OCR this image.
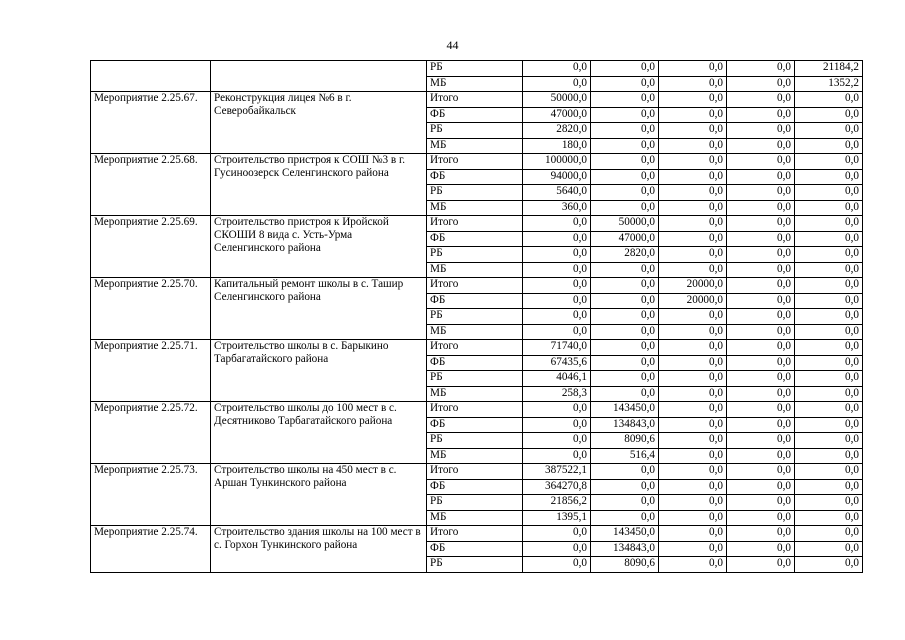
44
		РБ	0,0	0,0	0,0	0,0	21184,2
		МБ	0,0	0,0	0,0	0,0	1352,2
Мероприятие 2.25.67.	Реконструкция лицея №6 в г. Северобайкальск	Итого	50000,0	0,0	0,0	0,0	0,0
		ФБ	47000,0	0,0	0,0	0,0	0,0
		РБ	2820,0	0,0	0,0	0,0	0,0
		МБ	180,0	0,0	0,0	0,0	0,0
Мероприятие 2.25.68.	Строительство пристроя к СОШ №3 в г. Гусиноозерск Селенгинского района	Итого	100000,0	0,0	0,0	0,0	0,0
		ФБ	94000,0	0,0	0,0	0,0	0,0
		РБ	5640,0	0,0	0,0	0,0	0,0
		МБ	360,0	0,0	0,0	0,0	0,0
Мероприятие 2.25.69.	Строительство пристроя к Иройской СКОШИ 8 вида с. Усть-Урма Селенгинского района	Итого	0,0	50000,0	0,0	0,0	0,0
		ФБ	0,0	47000,0	0,0	0,0	0,0
		РБ	0,0	2820,0	0,0	0,0	0,0
		МБ	0,0	0,0	0,0	0,0	0,0
Мероприятие 2.25.70.	Капитальный ремонт школы в с. Ташир Селенгинского района	Итого	0,0	0,0	20000,0	0,0	0,0
		ФБ	0,0	0,0	20000,0	0,0	0,0
		РБ	0,0	0,0	0,0	0,0	0,0
		МБ	0,0	0,0	0,0	0,0	0,0
Мероприятие 2.25.71.	Строительство школы в с. Барыкино Тарбагатайского района	Итого	71740,0	0,0	0,0	0,0	0,0
		ФБ	67435,6	0,0	0,0	0,0	0,0
		РБ	4046,1	0,0	0,0	0,0	0,0
		МБ	258,3	0,0	0,0	0,0	0,0
Мероприятие 2.25.72.	Строительство школы до 100 мест в с. Десятниково Тарбагатайского района	Итого	0,0	143450,0	0,0	0,0	0,0
		ФБ	0,0	134843,0	0,0	0,0	0,0
		РБ	0,0	8090,6	0,0	0,0	0,0
		МБ	0,0	516,4	0,0	0,0	0,0
Мероприятие 2.25.73.	Строительство школы на 450 мест в с. Аршан Тункинского района	Итого	387522,1	0,0	0,0	0,0	0,0
		ФБ	364270,8	0,0	0,0	0,0	0,0
		РБ	21856,2	0,0	0,0	0,0	0,0
		МБ	1395,1	0,0	0,0	0,0	0,0
Мероприятие 2.25.74.	Строительство здания школы на 100 мест в с. Горхон Тункинского района	Итого	0,0	143450,0	0,0	0,0	0,0
		ФБ	0,0	134843,0	0,0	0,0	0,0
		РБ	0,0	8090,6	0,0	0,0	0,0
